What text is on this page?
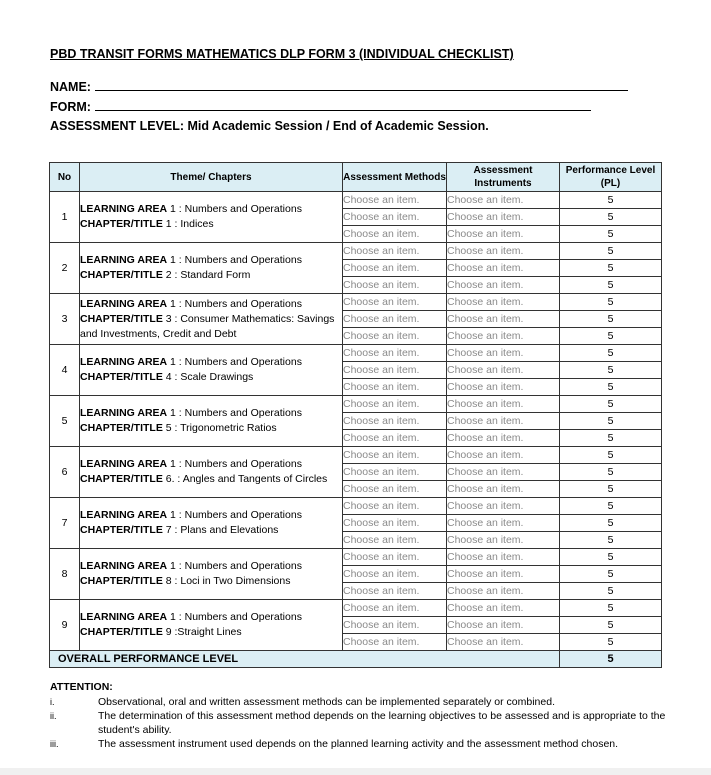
PBD TRANSIT FORMS MATHEMATICS DLP FORM 3 (INDIVIDUAL CHECKLIST)
NAME:
FORM:
ASSESSMENT LEVEL: Mid Academic Session / End of Academic Session.
No	Theme/ Chapters	Assessment Methods	Assessment Instruments	Performance Level (PL)
1	LEARNING AREA 1 : Numbers and Operations
CHAPTER/TITLE 1 : Indices	Choose an item.	Choose an item.	5
		Choose an item.	Choose an item.	5
		Choose an item.	Choose an item.	5
2	LEARNING AREA 1 : Numbers and Operations
CHAPTER/TITLE 2 : Standard Form	Choose an item.	Choose an item.	5
		Choose an item.	Choose an item.	5
		Choose an item.	Choose an item.	5
3	LEARNING AREA 1 : Numbers and Operations
CHAPTER/TITLE 3 : Consumer Mathematics: Savings and Investments, Credit and Debt	Choose an item.	Choose an item.	5
		Choose an item.	Choose an item.	5
		Choose an item.	Choose an item.	5
4	LEARNING AREA 1 : Numbers and Operations
CHAPTER/TITLE 4 : Scale Drawings	Choose an item.	Choose an item.	5
		Choose an item.	Choose an item.	5
		Choose an item.	Choose an item.	5
5	LEARNING AREA 1 : Numbers and Operations
CHAPTER/TITLE 5 : Trigonometric Ratios	Choose an item.	Choose an item.	5
		Choose an item.	Choose an item.	5
		Choose an item.	Choose an item.	5
6	LEARNING AREA 1 : Numbers and Operations
CHAPTER/TITLE 6. : Angles and Tangents of Circles	Choose an item.	Choose an item.	5
		Choose an item.	Choose an item.	5
		Choose an item.	Choose an item.	5
7	LEARNING AREA 1 : Numbers and Operations
CHAPTER/TITLE 7 : Plans and Elevations	Choose an item.	Choose an item.	5
		Choose an item.	Choose an item.	5
		Choose an item.	Choose an item.	5
8	LEARNING AREA 1 : Numbers and Operations
CHAPTER/TITLE 8 : Loci in Two Dimensions	Choose an item.	Choose an item.	5
		Choose an item.	Choose an item.	5
		Choose an item.	Choose an item.	5
9	LEARNING AREA 1 : Numbers and Operations
CHAPTER/TITLE 9 :Straight Lines	Choose an item.	Choose an item.	5
		Choose an item.	Choose an item.	5
		Choose an item.	Choose an item.	5
OVERALL PERFORMANCE LEVEL				5
ATTENTION:
i.	Observational, oral and written assessment methods can be implemented separately or combined.
ii.	The determination of this assessment method depends on the learning objectives to be assessed and is appropriate to the student's ability.
iii.	The assessment instrument used depends on the planned learning activity and the assessment method chosen.
